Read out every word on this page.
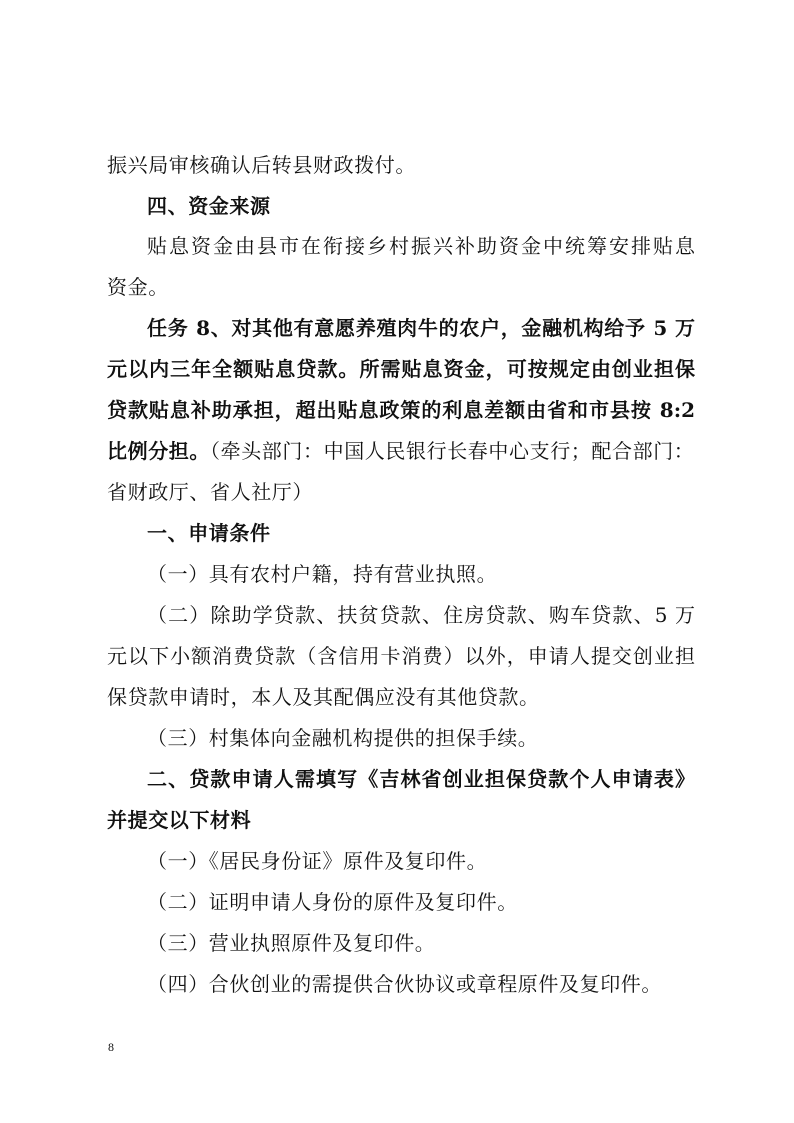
振兴局审核确认后转县财政拨付。
四、资金来源
贴息资金由县市在衔接乡村振兴补助资金中统筹安排贴息
资金。
任务 8、对其他有意愿养殖肉牛的农户，金融机构给予 5 万
元以内三年全额贴息贷款。所需贴息资金，可按规定由创业担保
贷款贴息补助承担，超出贴息政策的利息差额由省和市县按 8:2
比例分担。（牵头部门：中国人民银行长春中心支行；配合部门：
省财政厅、省人社厅）
一、申请条件
（一）具有农村户籍，持有营业执照。
（二）除助学贷款、扶贫贷款、住房贷款、购车贷款、5 万
元以下小额消费贷款（含信用卡消费）以外，申请人提交创业担
保贷款申请时，本人及其配偶应没有其他贷款。
（三）村集体向金融机构提供的担保手续。
二、贷款申请人需填写《吉林省创业担保贷款个人申请表》
并提交以下材料
（一）《居民身份证》原件及复印件。
（二）证明申请人身份的原件及复印件。
（三）营业执照原件及复印件。
（四）合伙创业的需提供合伙协议或章程原件及复印件。
8
